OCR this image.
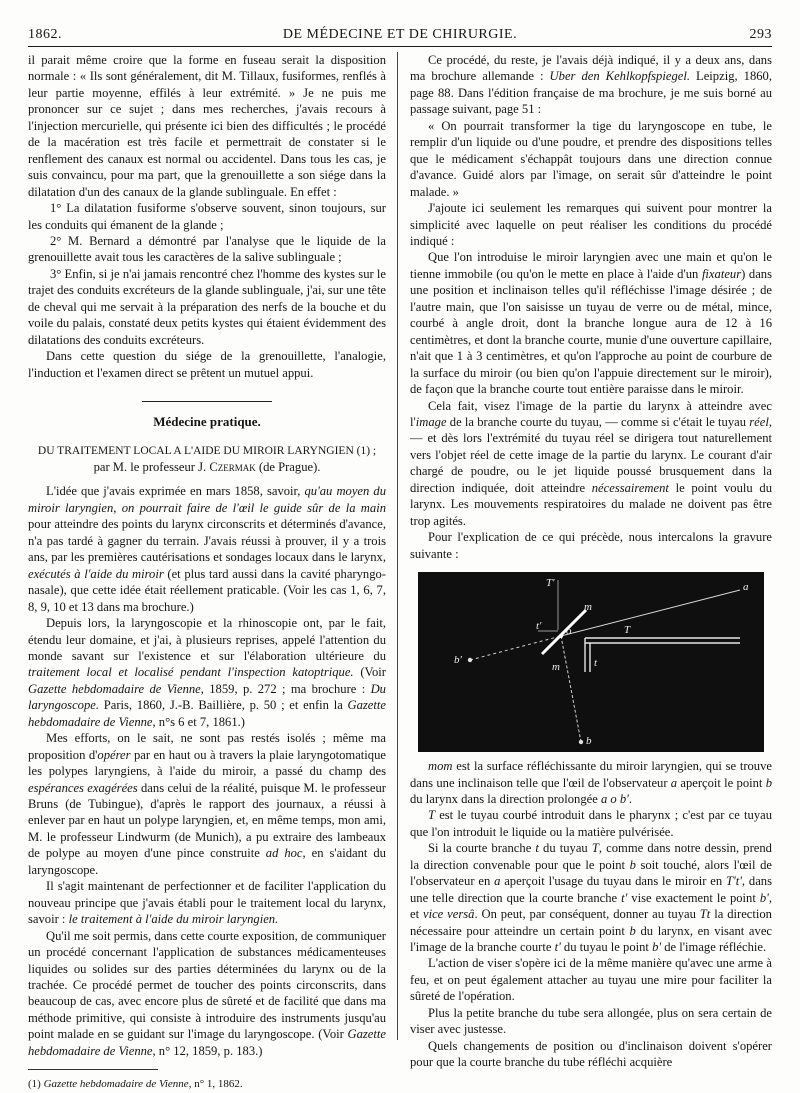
1862.	DE MÉDECINE ET DE CHIRURGIE.	293

il parait même croire que la forme en fuseau serait la disposition normale : « Ils sont généralement, dit M. Tillaux, fusiformes, renflés à leur partie moyenne, effilés à leur extrémité. » Je ne puis me prononcer sur ce sujet ; dans mes recherches, j'avais recours à l'injection mercurielle, qui présente ici bien des difficultés ; le procédé de la macération est très facile et permettrait de constater si le renflement des canaux est normal ou accidentel. Dans tous les cas, je suis convaincu, pour ma part, que la grenouillette a son siége dans la dilatation d'un des canaux de la glande sublinguale. En effet :

1° La dilatation fusiforme s'observe souvent, sinon toujours, sur les conduits qui émanent de la glande ;

2° M. Bernard a démontré par l'analyse que le liquide de la grenouillette avait tous les caractères de la salive sublinguale ;

3° Enfin, si je n'ai jamais rencontré chez l'homme des kystes sur le trajet des conduits excréteurs de la glande sublinguale, j'ai, sur une tête de cheval qui me servait à la préparation des nerfs de la bouche et du voile du palais, constaté deux petits kystes qui étaient évidemment des dilatations des conduits excréteurs.

Dans cette question du siége de la grenouillette, l'analogie, l'induction et l'examen direct se prêtent un mutuel appui.

Médecine pratique.
DU TRAITEMENT LOCAL A L'AIDE DU MIROIR LARYNGIEN (1) ;
par M. le professeur J. Czermak (de Prague).

L'idée que j'avais exprimée en mars 1858, savoir, qu'au moyen du miroir laryngien, on pourrait faire de l'œil le guide sûr de la main pour atteindre des points du larynx circonscrits et déterminés d'avance, n'a pas tardé à gagner du terrain. J'avais réussi à prouver, il y a trois ans, par les premières cautérisations et sondages locaux dans le larynx, exécutés à l'aide du miroir (et plus tard aussi dans la cavité pharyngo-nasale), que cette idée était réellement praticable. (Voir les cas 1, 6, 7, 8, 9, 10 et 13 dans ma brochure.)

Depuis lors, la laryngoscopie et la rhinoscopie ont, par le fait, étendu leur domaine, et j'ai, à plusieurs reprises, appelé l'attention du monde savant sur l'existence et sur l'élaboration ultérieure du traitement local et localisé pendant l'inspection katoptrique. (Voir Gazette hebdomadaire de Vienne, 1859, p. 272 ; ma brochure : Du laryngoscope. Paris, 1860, J.-B. Baillière, p. 50 ; et enfin la Gazette hebdomadaire de Vienne, n°s 6 et 7, 1861.)

Mes efforts, on le sait, ne sont pas restés isolés ; même ma proposition d'opérer par en haut ou à travers la plaie laryngotomatique les polypes laryngiens, à l'aide du miroir, a passé du champ des espérances exagérées dans celui de la réalité, puisque M. le professeur Bruns (de Tubingue), d'après le rapport des journaux, a réussi à enlever par en haut un polype laryngien, et, en même temps, mon ami, M. le professeur Lindwurm (de Munich), a pu extraire des lambeaux de polype au moyen d'une pince construite ad hoc, en s'aidant du laryngoscope.

Il s'agit maintenant de perfectionner et de faciliter l'application du nouveau principe que j'avais établi pour le traitement local du larynx, savoir : le traitement à l'aide du miroir laryngien.

Qu'il me soit permis, dans cette courte exposition, de communiquer un procédé concernant l'application de substances médicamenteuses liquides ou solides sur des parties déterminées du larynx ou de la trachée. Ce procédé permet de toucher des points circonscrits, dans beaucoup de cas, avec encore plus de sûreté et de facilité que dans ma méthode primitive, qui consiste à introduire des instruments jusqu'au point malade en se guidant sur l'image du laryngoscope. (Voir Gazette hebdomadaire de Vienne, n° 12, 1859, p. 183.)

(1) Gazette hebdomadaire de Vienne, n° 1, 1862.

Ce procédé, du reste, je l'avais déjà indiqué, il y a deux ans, dans ma brochure allemande : Uber den Kehlkopfspiegel. Leipzig, 1860, page 88. Dans l'édition française de ma brochure, je me suis borné au passage suivant, page 51 :

« On pourrait transformer la tige du laryngoscope en tube, le remplir d'un liquide ou d'une poudre, et prendre des dispositions telles que le médicament s'échappât toujours dans une direction connue d'avance. Guidé alors par l'image, on serait sûr d'atteindre le point malade. »

J'ajoute ici seulement les remarques qui suivent pour montrer la simplicité avec laquelle on peut réaliser les conditions du procédé indiqué :

Que l'on introduise le miroir laryngien avec une main et qu'on le tienne immobile (ou qu'on le mette en place à l'aide d'un fixateur) dans une position et inclinaison telles qu'il réfléchisse l'image désirée ; de l'autre main, que l'on saisisse un tuyau de verre ou de métal, mince, courbé à angle droit, dont la branche longue aura de 12 à 16 centimètres, et dont la branche courte, munie d'une ouverture capillaire, n'ait que 1 à 3 centimètres, et qu'on l'approche au point de courbure de la surface du miroir (ou bien qu'on l'appuie directement sur le miroir), de façon que la branche courte tout entière paraisse dans le miroir.

Cela fait, visez l'image de la partie du larynx à atteindre avec l'image de la branche courte du tuyau, — comme si c'était le tuyau réel, — et dès lors l'extrémité du tuyau réel se dirigera tout naturellement vers l'objet réel de cette image de la partie du larynx. Le courant d'air chargé de poudre, ou le jet liquide poussé brusquement dans la direction indiquée, doit atteindre nécessairement le point voulu du larynx. Les mouvements respiratoires du malade ne doivent pas être trop agités.

Pour l'explication de ce qui précède, nous intercalons la gravure suivante :

T'	a
m
o
t'
b'
T
m	t
b

mom est la surface réfléchissante du miroir laryngien, qui se trouve dans une inclinaison telle que l'œil de l'observateur a aperçoit le point b du larynx dans la direction prolongée a o b'.

T est le tuyau courbé introduit dans le pharynx ; c'est par ce tuyau que l'on introduit le liquide ou la matière pulvérisée.

Si la courte branche t du tuyau T, comme dans notre dessin, prend la direction convenable pour que le point b soit touché, alors l'œil de l'observateur en a aperçoit l'usage du tuyau dans le miroir en T't', dans une telle direction que la courte branche t' vise exactement le point b', et vice versâ. On peut, par conséquent, donner au tuyau Tt la direction nécessaire pour atteindre un certain point b du larynx, en visant avec l'image de la branche courte t' du tuyau le point b' de l'image réfléchie.

L'action de viser s'opère ici de la même manière qu'avec une arme à feu, et on peut également attacher au tuyau une mire pour faciliter la sûreté de l'opération.

Plus la petite branche du tube sera allongée, plus on sera certain de viser avec justesse.

Quels changements de position ou d'inclinaison doivent s'opérer pour que la courte branche du tube réfléchi acquière
